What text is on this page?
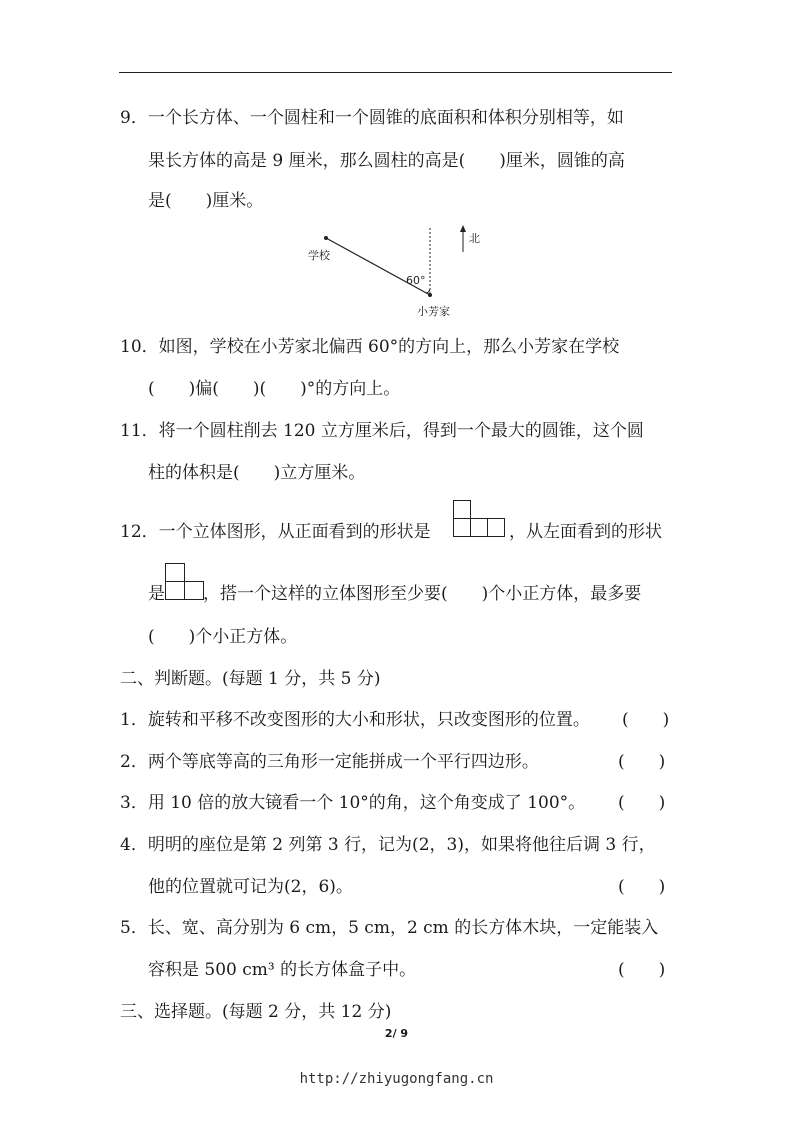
9．一个长方体、一个圆柱和一个圆锥的底面积和体积分别相等，如
果长方体的高是 9 厘米，那么圆柱的高是(　　)厘米，圆锥的高
是(　　)厘米。
学校
60°
小芳家
北
10．如图，学校在小芳家北偏西 60°的方向上，那么小芳家在学校
(　　)偏(　　)(　　)°的方向上。
11．将一个圆柱削去 120 立方厘米后，得到一个最大的圆锥，这个圆
柱的体积是(　　)立方厘米。
12．一个立体图形，从正面看到的形状是	，从左面看到的形状
是 ，搭一个这样的立体图形至少要(　　)个小正方体，最多要
(　　)个小正方体。
二、判断题。(每题 1 分，共 5 分)
1．旋转和平移不改变图形的大小和形状，只改变图形的位置。 (　　)
2．两个等底等高的三角形一定能拼成一个平行四边形。	(　　)
3．用 10 倍的放大镜看一个 10°的角，这个角变成了 100°。 (　　)
4．明明的座位是第 2 列第 3 行，记为(2，3)，如果将他往后调 3 行，
他的位置就可记为(2，6)。	(　　)
5．长、宽、高分别为 6 cm，5 cm，2 cm 的长方体木块，一定能装入
容积是 500 cm³ 的长方体盒子中。	(　　)
三、选择题。(每题 2 分，共 12 分)
2/ 9
http://zhiyugongfang.cn
